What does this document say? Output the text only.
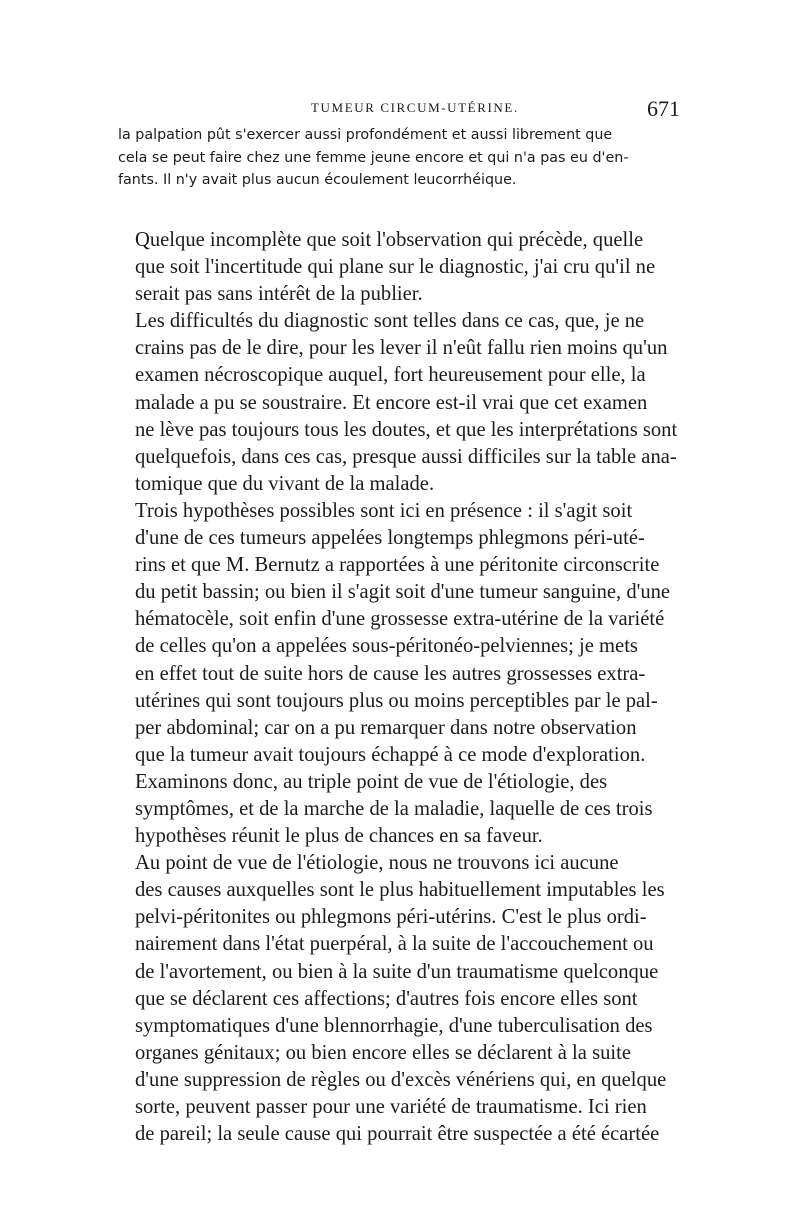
TUMEUR CIRCUM-UTÉRINE.	671
la palpation pût s'exercer aussi profondément et aussi librement que
cela se peut faire chez une femme jeune encore et qui n'a pas eu d'en-
fants. Il n'y avait plus aucun écoulement leucorrhéique.

Quelque incomplète que soit l'observation qui précède, quelle
que soit l'incertitude qui plane sur le diagnostic, j'ai cru qu'il ne
serait pas sans intérêt de la publier.

Les difficultés du diagnostic sont telles dans ce cas, que, je ne
crains pas de le dire, pour les lever il n'eût fallu rien moins qu'un
examen nécroscopique auquel, fort heureusement pour elle, la
malade a pu se soustraire. Et encore est-il vrai que cet examen
ne lève pas toujours tous les doutes, et que les interprétations sont
quelquefois, dans ces cas, presque aussi difficiles sur la table ana-
tomique que du vivant de la malade.

Trois hypothèses possibles sont ici en présence : il s'agit soit
d'une de ces tumeurs appelées longtemps phlegmons péri-uté-
rins et que M. Bernutz a rapportées à une péritonite circonscrite
du petit bassin; ou bien il s'agit soit d'une tumeur sanguine, d'une
hématocèle, soit enfin d'une grossesse extra-utérine de la variété
de celles qu'on a appelées sous-péritonéo-pelviennes; je mets
en effet tout de suite hors de cause les autres grossesses extra-
utérines qui sont toujours plus ou moins perceptibles par le pal-
per abdominal; car on a pu remarquer dans notre observation
que la tumeur avait toujours échappé à ce mode d'exploration.

Examinons donc, au triple point de vue de l'étiologie, des
symptômes, et de la marche de la maladie, laquelle de ces trois
hypothèses réunit le plus de chances en sa faveur.

Au point de vue de l'étiologie, nous ne trouvons ici aucune
des causes auxquelles sont le plus habituellement imputables les
pelvi-péritonites ou phlegmons péri-utérins. C'est le plus ordi-
nairement dans l'état puerpéral, à la suite de l'accouchement ou
de l'avortement, ou bien à la suite d'un traumatisme quelconque
que se déclarent ces affections; d'autres fois encore elles sont
symptomatiques d'une blennorrhagie, d'une tuberculisation des
organes génitaux; ou bien encore elles se déclarent à la suite
d'une suppression de règles ou d'excès vénériens qui, en quelque
sorte, peuvent passer pour une variété de traumatisme. Ici rien
de pareil; la seule cause qui pourrait être suspectée a été écartée
